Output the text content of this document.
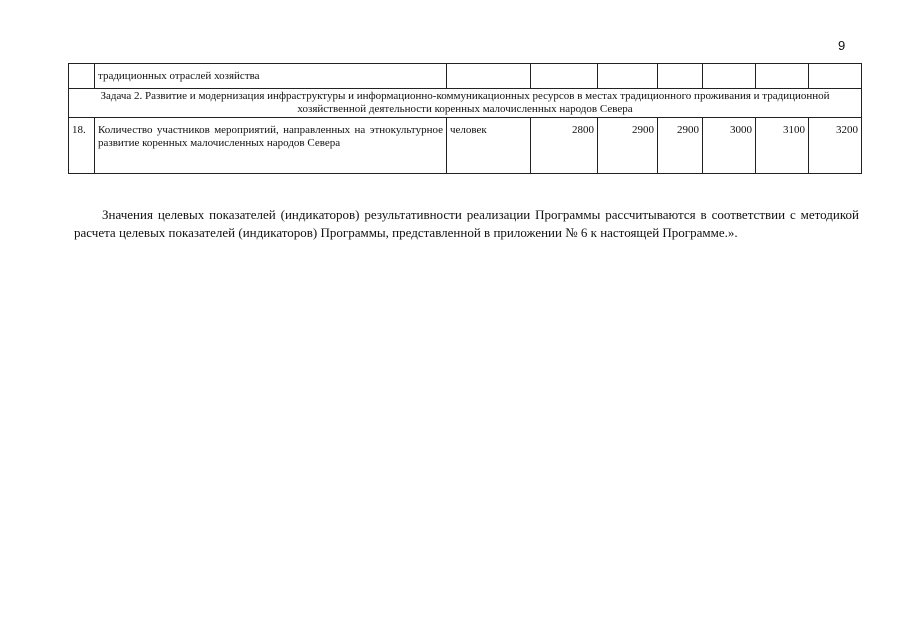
9
	традиционных отраслей хозяйства							
Задача 2. Развитие и модернизация инфраструктуры и информационно-коммуникационных ресурсов в местах традиционного проживания и традиционной хозяйственной деятельности коренных малочисленных народов Севера								
18.	Количество участников мероприятий, направленных на этнокультурное развитие коренных малочисленных народов Севера	человек	2800	2900	2900	3000	3100	3200

Значения целевых показателей (индикаторов) результативности реализации Программы рассчитываются в соответствии с методикой расчета целевых показателей (индикаторов) Программы, представленной в приложении № 6 к настоящей Программе.».
